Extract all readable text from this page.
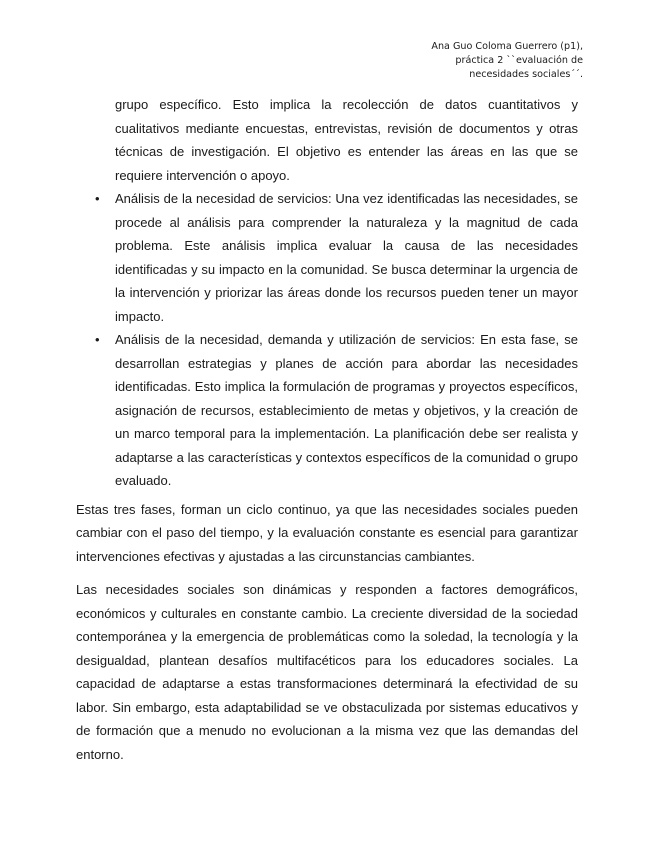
Ana Guo Coloma Guerrero (p1),
práctica 2 ``evaluación de
necesidades sociales´´.

grupo específico. Esto implica la recolección de datos cuantitativos y cualitativos mediante encuestas, entrevistas, revisión de documentos y otras técnicas de investigación. El objetivo es entender las áreas en las que se requiere intervención o apoyo.

• Análisis de la necesidad de servicios: Una vez identificadas las necesidades, se procede al análisis para comprender la naturaleza y la magnitud de cada problema. Este análisis implica evaluar la causa de las necesidades identificadas y su impacto en la comunidad. Se busca determinar la urgencia de la intervención y priorizar las áreas donde los recursos pueden tener un mayor impacto.
• Análisis de la necesidad, demanda y utilización de servicios: En esta fase, se desarrollan estrategias y planes de acción para abordar las necesidades identificadas. Esto implica la formulación de programas y proyectos específicos, asignación de recursos, establecimiento de metas y objetivos, y la creación de un marco temporal para la implementación. La planificación debe ser realista y adaptarse a las características y contextos específicos de la comunidad o grupo evaluado.

Estas tres fases, forman un ciclo continuo, ya que las necesidades sociales pueden cambiar con el paso del tiempo, y la evaluación constante es esencial para garantizar intervenciones efectivas y ajustadas a las circunstancias cambiantes.

Las necesidades sociales son dinámicas y responden a factores demográficos, económicos y culturales en constante cambio. La creciente diversidad de la sociedad contemporánea y la emergencia de problemáticas como la soledad, la tecnología y la desigualdad, plantean desafíos multifacéticos para los educadores sociales. La capacidad de adaptarse a estas transformaciones determinará la efectividad de su labor. Sin embargo, esta adaptabilidad se ve obstaculizada por sistemas educativos y de formación que a menudo no evolucionan a la misma vez que las demandas del entorno.
